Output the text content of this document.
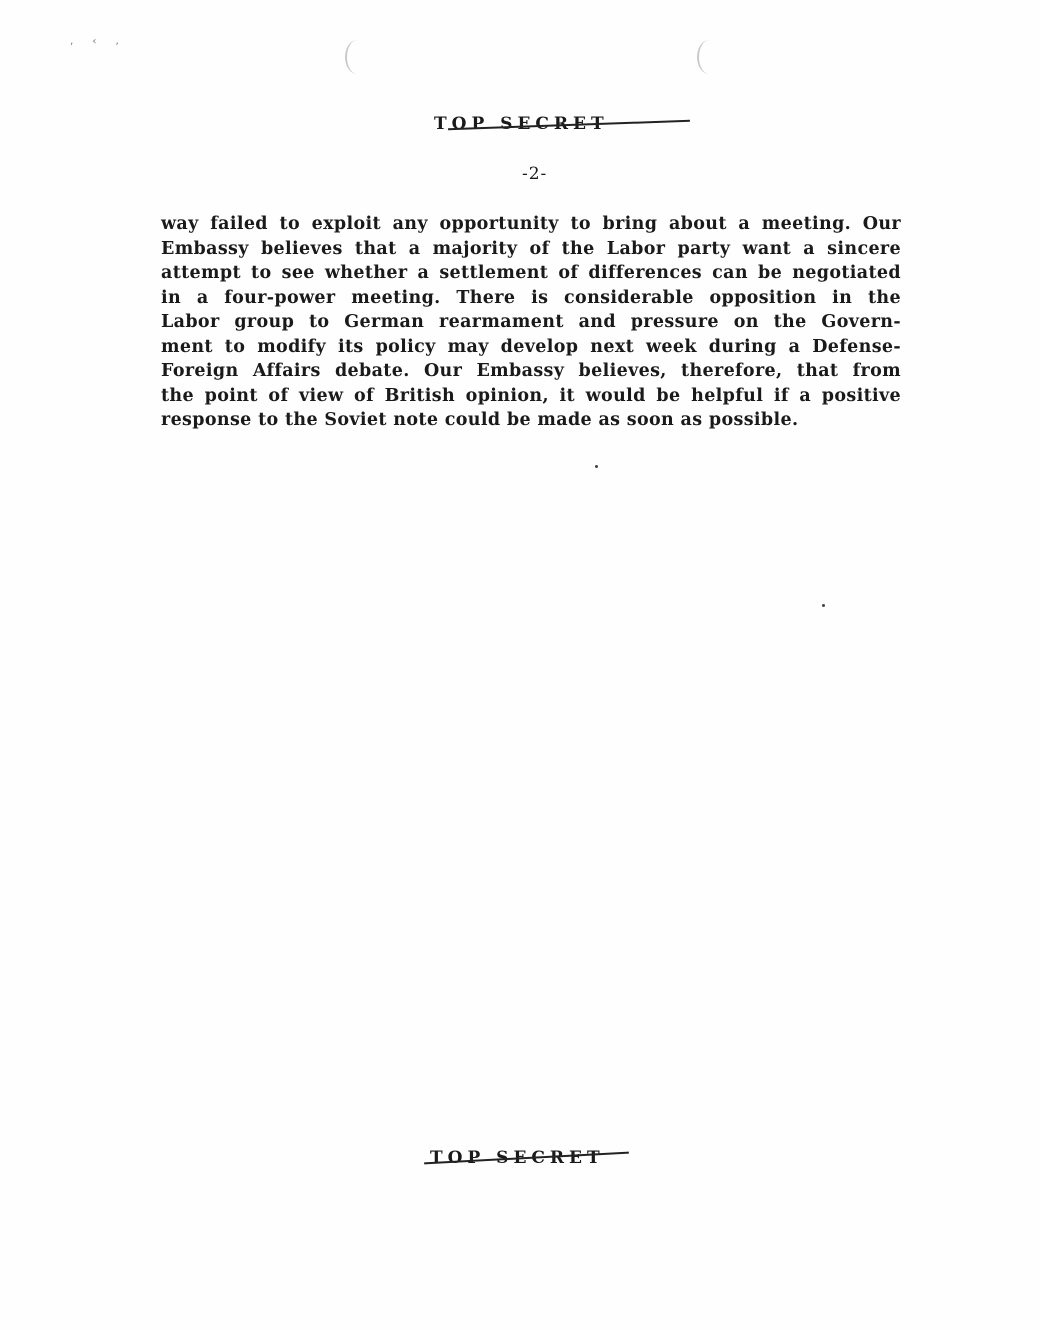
‚ ‹ ‚
TOP SECRET
-2-
way failed to exploit any opportunity to bring about a meeting. Our
Embassy believes that a majority of the Labor party want a sincere
attempt to see whether a settlement of differences can be negotiated
in a four-power meeting. There is considerable opposition in the
Labor group to German rearmament and pressure on the Govern-
ment to modify its policy may develop next week during a Defense-
Foreign Affairs debate. Our Embassy believes, therefore, that from
the point of view of British opinion, it would be helpful if a positive
response to the Soviet note could be made as soon as possible.
TOP SECRET
